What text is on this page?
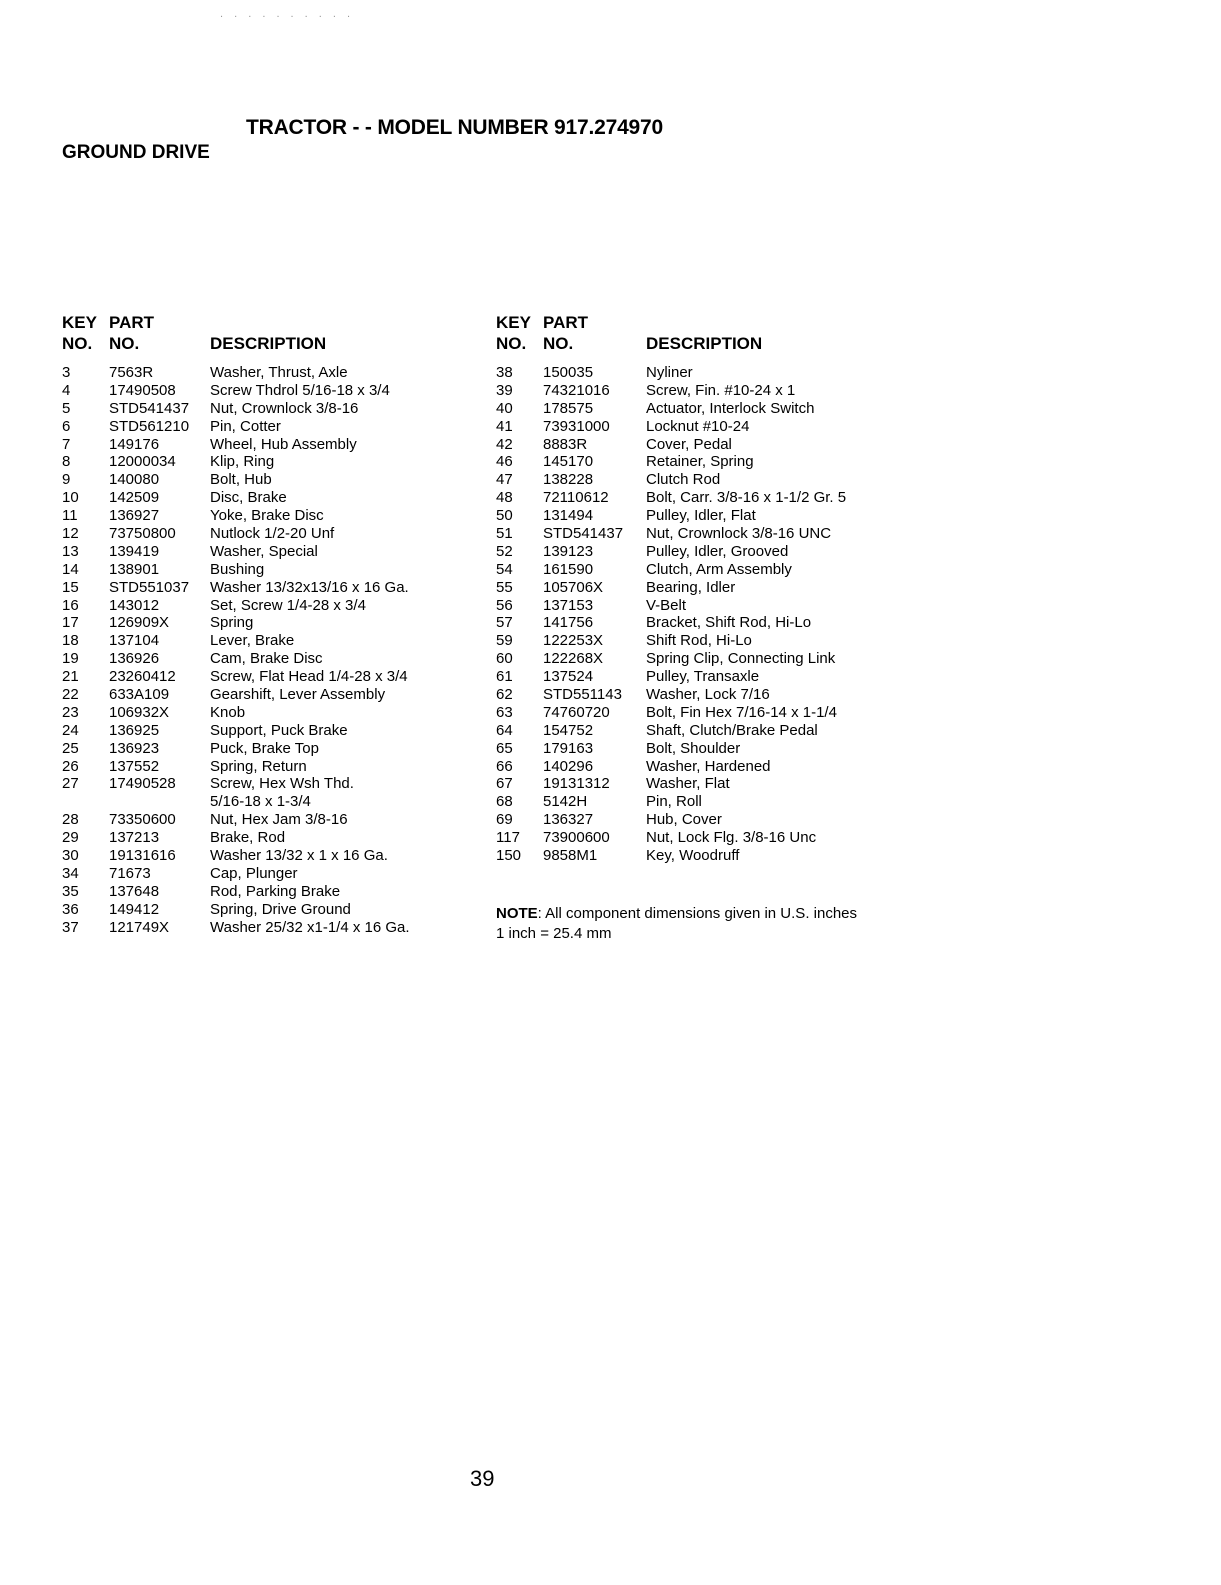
. . . . . . . . . .
TRACTOR - - MODEL NUMBER 917.274970
GROUND DRIVE
KEY
NO.
PART
NO.	DESCRIPTION
3	7563R	Washer, Thrust, Axle
4	17490508 Screw Thdrol 5/16-18 x 3/4
5	STD541437 Nut, Crownlock 3/8-16
6	STD561210 Pin, Cotter
7	149176	Wheel, Hub Assembly
8	12000034 Klip, Ring
9	140080	Bolt, Hub
10 142509	Disc, Brake
11 136927	Yoke, Brake Disc
12 73750800 Nutlock 1/2-20 Unf
13 139419	Washer, Special
14 138901	Bushing
15 STD551037 Washer 13/32x13/16 x 16 Ga.
16 143012	Set, Screw 1/4-28 x 3/4
17 126909X	Spring
18 137104	Lever, Brake
19 136926	Cam, Brake Disc
21 23260412 Screw, Flat Head 1/4-28 x 3/4
22 633A109	Gearshift, Lever Assembly
23 106932X	Knob
24 136925	Support, Puck Brake
25 136923	Puck, Brake Top
26 137552	Spring, Return
27 17490528 Screw, Hex Wsh Thd.
5/16-18 x 1-3/4
28 73350600 Nut, Hex Jam 3/8-16
29 137213	Brake, Rod
30 19131616 Washer 13/32 x 1 x 16 Ga.
34 71673	Cap, Plunger
35 137648	Rod, Parking Brake
36 149412	Spring, Drive Ground
37 121749X	Washer 25/32 x1-1/4 x 16 Ga.
KEY
NO.
PART
NO.	DESCRIPTION
38 150035	Nyliner
39 74321016 Screw, Fin. #10-24 x 1
40 178575	Actuator, Interlock Switch
41 73931000 Locknut #10-24
42 8883R	Cover, Pedal
46 145170	Retainer, Spring
47 138228	Clutch Rod
48 72110612 Bolt, Carr. 3/8-16 x 1-1/2 Gr. 5
50 131494	Pulley, Idler, Flat
51 STD541437 Nut, Crownlock 3/8-16 UNC
52 139123	Pulley, Idler, Grooved
54 161590	Clutch, Arm Assembly
55 105706X	Bearing, Idler
56 137153	V-Belt
57 141756	Bracket, Shift Rod, Hi-Lo
59 122253X	Shift Rod, Hi-Lo
60 122268X	Spring Clip, Connecting Link
61 137524	Pulley, Transaxle
62 STD551143 Washer, Lock 7/16
63 74760720 Bolt, Fin Hex 7/16-14 x 1-1/4
64 154752	Shaft, Clutch/Brake Pedal
65 179163	Bolt, Shoulder
66 140296	Washer, Hardened
67 19131312 Washer, Flat
68 5142H	Pin, Roll
69 136327	Hub, Cover
117 73900600 Nut, Lock Flg. 3/8-16 Unc
150 9858M1	Key, Woodruff
NOTE: All component dimensions given in U.S. inches
1 inch = 25.4 mm
39
